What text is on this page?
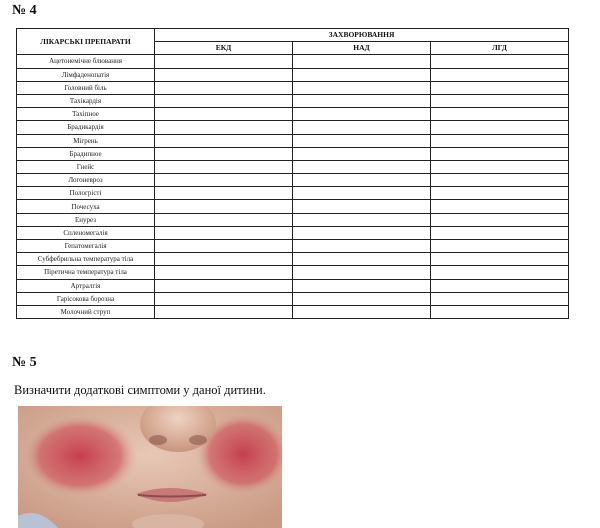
№ 4
ЛІКАРСЬКІ ПРЕПАРАТИ	ЗАХВОРЮВАННЯ		
	ЕКД	НАД	ЛГД
Ацетонемічне блювання			
Лімфаденопатія			
Головний біль			
Тахікардія			
Тахіпное			
Брадикардія			
Мігрень			
Брадипное			
Гнейс			
Логоневроз			
Пологрісті			
Почесуха			
Енурез			
Спленомегалія			
Гепатомегалія			
Субфебрильна температура тіла			
Піретична температура тіла			
Артралгія			
Гарісокова борозна			
Молочний струп			
№ 5
Визначити додаткові симптоми у даної дитини.
